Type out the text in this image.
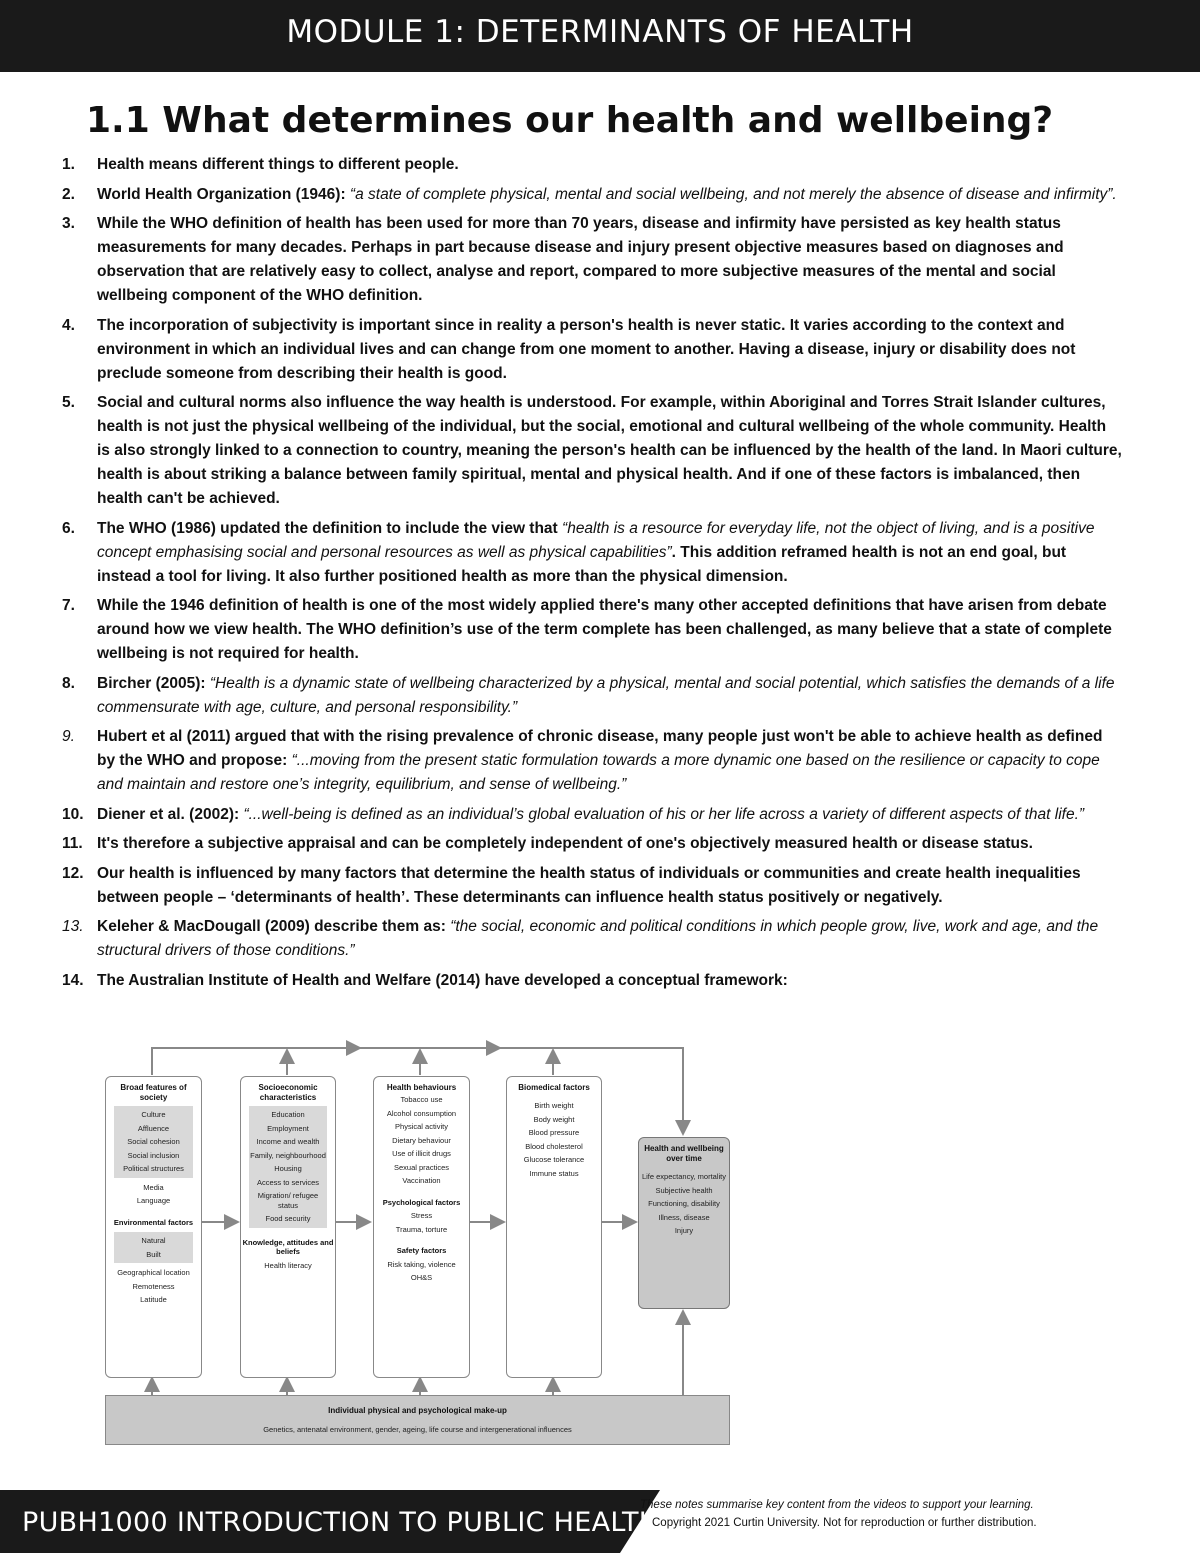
MODULE 1: DETERMINANTS OF HEALTH
1.1 What determines our health and wellbeing?
1.	Health means different things to different people.
2.	World Health Organization (1946): “a state of complete physical, mental and social wellbeing, and not merely the absence of disease and infirmity”.
3.	While the WHO definition of health has been used for more than 70 years, disease and infirmity have persisted as key health status measurements for many decades. Perhaps in part because disease and injury present objective measures based on diagnoses and observation that are relatively easy to collect, analyse and report, compared to more subjective measures of the mental and social wellbeing component of the WHO definition.
4.	The incorporation of subjectivity is important since in reality a person's health is never static. It varies according to the context and environment in which an individual lives and can change from one moment to another. Having a disease, injury or disability does not preclude someone from describing their health is good.
5.	Social and cultural norms also influence the way health is understood. For example, within Aboriginal and Torres Strait Islander cultures, health is not just the physical wellbeing of the individual, but the social, emotional and cultural wellbeing of the whole community. Health is also strongly linked to a connection to country, meaning the person's health can be influenced by the health of the land. In Maori culture, health is about striking a balance between family spiritual, mental and physical health. And if one of these factors is imbalanced, then health can't be achieved.
6.	The WHO (1986) updated the definition to include the view that “health is a resource for everyday life, not the object of living, and is a positive concept emphasising social and personal resources as well as physical capabilities”. This addition reframed health is not an end goal, but instead a tool for living. It also further positioned health as more than the physical dimension.
7.	While the 1946 definition of health is one of the most widely applied there's many other accepted definitions that have arisen from debate around how we view health. The WHO definition’s use of the term complete has been challenged, as many believe that a state of complete wellbeing is not required for health.
8.	Bircher (2005): “Health is a dynamic state of wellbeing characterized by a physical, mental and social potential, which satisfies the demands of a life commensurate with age, culture, and personal responsibility.”
9.	Hubert et al (2011) argued that with the rising prevalence of chronic disease, many people just won't be able to achieve health as defined by the WHO and propose: “...moving from the present static formulation towards a more dynamic one based on the resilience or capacity to cope and maintain and restore one’s integrity, equilibrium, and sense of wellbeing.”
10. Diener et al. (2002): “...well-being is defined as an individual’s global evaluation of his or her life across a variety of different aspects of that life.”
11. It's therefore a subjective appraisal and can be completely independent of one's objectively measured health or disease status.
12. Our health is influenced by many factors that determine the health status of individuals or communities and create health inequalities between people – ‘determinants of health’. These determinants can influence health status positively or negatively.
13. Keleher & MacDougall (2009) describe them as: “the social, economic and political conditions in which people grow, live, work and age, and the structural drivers of those conditions.”
14. The Australian Institute of Health and Welfare (2014) have developed a conceptual framework:
Broad features of society
Culture
Affluence
Social cohesion
Social inclusion
Political structures
Media
Language
Environmental factors
Natural
Built
Geographical location
Remoteness
Latitude
Socioeconomic characteristics
Education
Employment
Income and wealth
Family, neighbourhood
Housing
Access to services
Migration/ refugee status
Food security
Knowledge, attitudes and beliefs
Health literacy
Health behaviours
Tobacco use
Alcohol consumption
Physical activity
Dietary behaviour
Use of illicit drugs
Sexual practices
Vaccination
Psychological factors
Stress
Trauma, torture
Safety factors
Risk taking, violence
OH&S
Biomedical factors
Birth weight
Body weight
Blood pressure
Blood cholesterol
Glucose tolerance
Immune status
Health and wellbeing over time
Life expectancy, mortality
Subjective health
Functioning, disability
Illness, disease
Injury
Individual physical and psychological make-up
Genetics, antenatal environment, gender, ageing, life course and intergenerational influences
PUBH1000 INTRODUCTION TO PUBLIC HEALTH
These notes summarise key content from the videos to support your learning.
Copyright 2021 Curtin University. Not for reproduction or further distribution.
